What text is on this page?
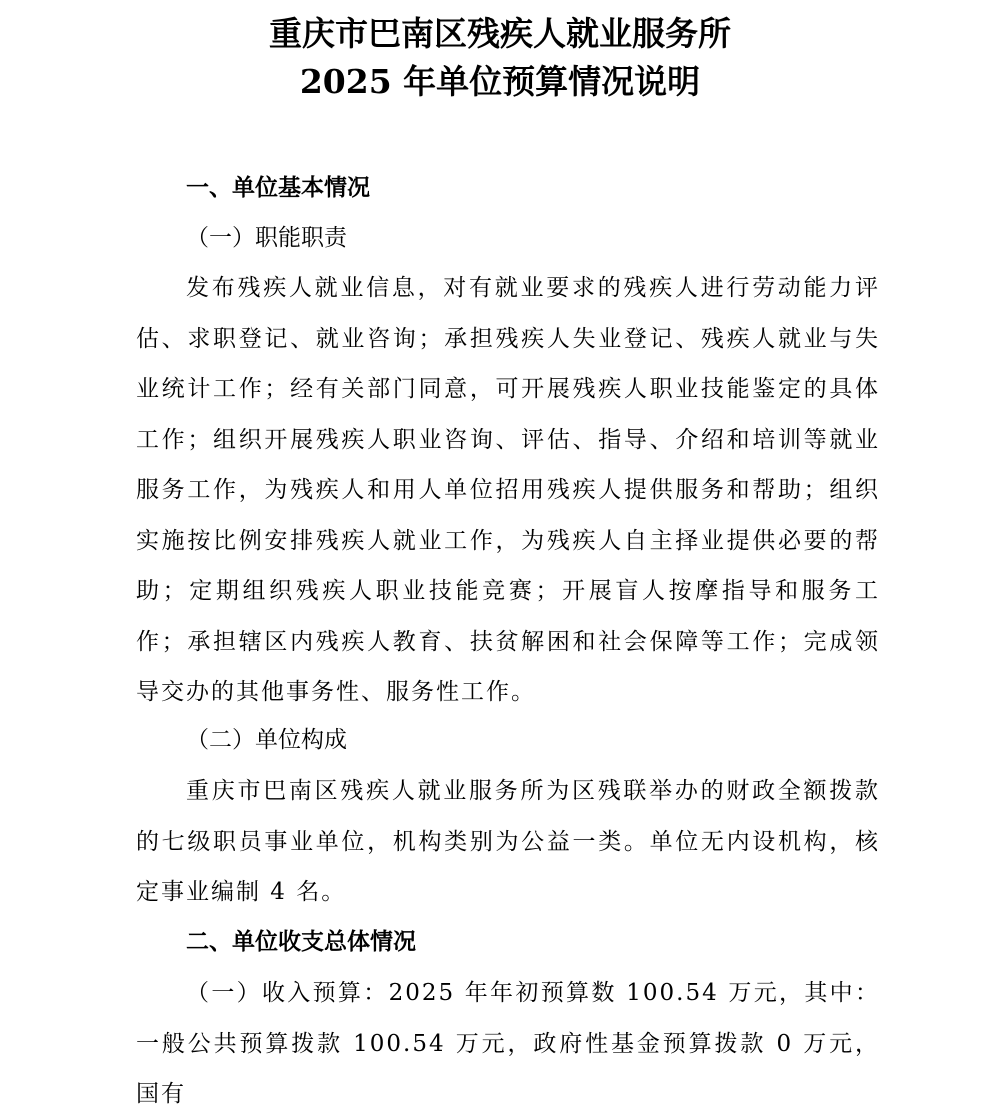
重庆市巴南区残疾人就业服务所
2025 年单位预算情况说明
一、单位基本情况
（一）职能职责
发布残疾人就业信息，对有就业要求的残疾人进行劳动能力评估、求职登记、就业咨询；承担残疾人失业登记、残疾人就业与失业统计工作；经有关部门同意，可开展残疾人职业技能鉴定的具体工作；组织开展残疾人职业咨询、评估、指导、介绍和培训等就业服务工作，为残疾人和用人单位招用残疾人提供服务和帮助；组织实施按比例安排残疾人就业工作，为残疾人自主择业提供必要的帮助；定期组织残疾人职业技能竞赛；开展盲人按摩指导和服务工作；承担辖区内残疾人教育、扶贫解困和社会保障等工作；完成领导交办的其他事务性、服务性工作。
（二）单位构成
重庆市巴南区残疾人就业服务所为区残联举办的财政全额拨款的七级职员事业单位，机构类别为公益一类。单位无内设机构，核定事业编制 4 名。
二、单位收支总体情况
（一）收入预算：2025 年年初预算数 100.54 万元，其中：一般公共预算拨款 100.54 万元，政府性基金预算拨款 0 万元，国有
